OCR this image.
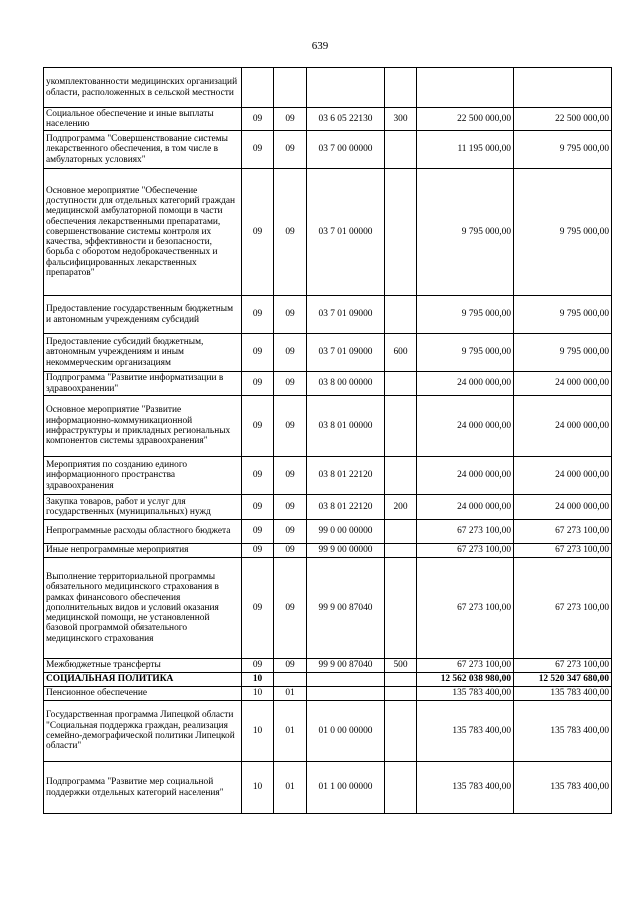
639
укомплектованности медицинских организаций области, расположенных в сельской местности						
Социальное обеспечение и иные выплаты населению	09	09	03 6 05 22130	300	22 500 000,00	22 500 000,00
Подпрограмма "Совершенствование системы лекарственного обеспечения, в том числе в амбулаторных условиях"	09	09	03 7 00 00000		11 195 000,00	9 795 000,00
Основное мероприятие "Обеспечение доступности для отдельных категорий граждан медицинской амбулаторной помощи в части обеспечения лекарственными препаратами, совершенствование системы контроля их качества, эффективности и безопасности, борьба с оборотом недоброкачественных и фальсифицированных лекарственных препаратов"	09	09	03 7 01 00000		9 795 000,00	9 795 000,00
Предоставление государственным бюджетным и автономным учреждениям субсидий	09	09	03 7 01 09000		9 795 000,00	9 795 000,00
Предоставление субсидий бюджетным, автономным учреждениям и иным некоммерческим организациям	09	09	03 7 01 09000	600	9 795 000,00	9 795 000,00
Подпрограмма "Развитие информатизации в здравоохранении"	09	09	03 8 00 00000		24 000 000,00	24 000 000,00
Основное мероприятие "Развитие информационно-коммуникационной инфраструктуры и прикладных региональных компонентов системы здравоохранения"	09	09	03 8 01 00000		24 000 000,00	24 000 000,00
Мероприятия по созданию единого информационного пространства здравоохранения	09	09	03 8 01 22120		24 000 000,00	24 000 000,00
Закупка товаров, работ и услуг для государственных (муниципальных) нужд	09	09	03 8 01 22120	200	24 000 000,00	24 000 000,00
Непрограммные расходы областного бюджета	09	09	99 0 00 00000		67 273 100,00	67 273 100,00
Иные непрограммные мероприятия	09	09	99 9 00 00000		67 273 100,00	67 273 100,00
Выполнение территориальной программы обязательного медицинского страхования в рамках финансового обеспечения дополнительных видов и условий оказания медицинской помощи, не установленной базовой программой обязательного медицинского страхования	09	09	99 9 00 87040		67 273 100,00	67 273 100,00
Межбюджетные трансферты	09	09	99 9 00 87040	500	67 273 100,00	67 273 100,00
СОЦИАЛЬНАЯ ПОЛИТИКА	10				12 562 038 980,00	12 520 347 680,00
Пенсионное обеспечение	10	01			135 783 400,00	135 783 400,00
Государственная программа Липецкой области "Социальная поддержка граждан, реализация семейно-демографической политики Липецкой области"	10	01	01 0 00 00000		135 783 400,00	135 783 400,00
Подпрограмма "Развитие мер социальной поддержки отдельных категорий населения"	10	01	01 1 00 00000		135 783 400,00	135 783 400,00
